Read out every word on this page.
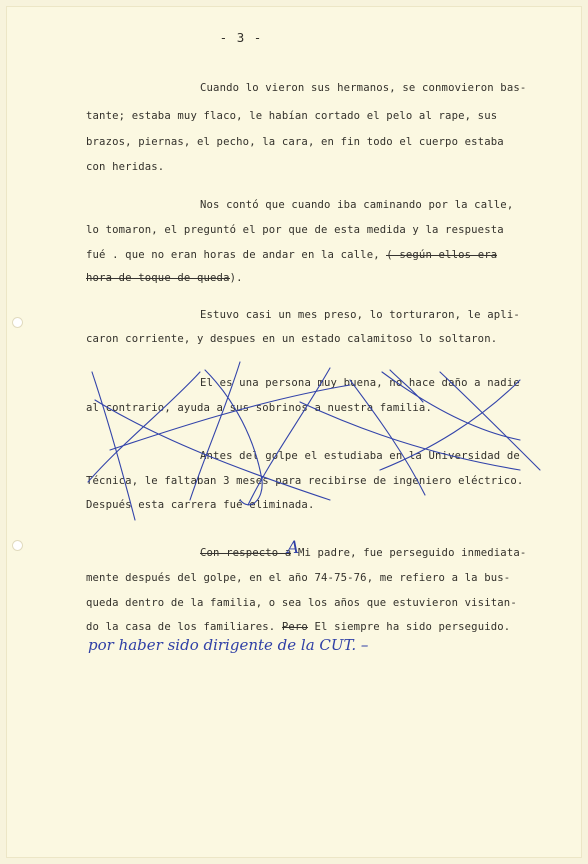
- 3 -
Cuando lo vieron sus hermanos, se conmovieron bas-
tante; estaba muy flaco, le habían cortado el pelo al rape, sus
brazos, piernas, el pecho, la cara, en fin todo el cuerpo estaba
con heridas.
Nos contó que cuando iba caminando por la calle,
lo tomaron, el preguntó el por que de esta medida y la respuesta
fué . que no eran horas de andar en la calle, ( según ellos era
hora de toque de queda).
Estuvo casi un mes preso, lo torturaron, le apli-
caron corriente, y despues en un estado calamitoso lo soltaron.
El es una persona muy buena, no hace daño a nadie
al contrario, ayuda a sus sobrinos a nuestra familia.
Antes del golpe el estudiaba en la Universidad de
Técnica, le faltaban 3 meses para recibirse de ingeniero eléctrico.
Después esta carrera fué eliminada.
Con respecto a Mi padre, fue perseguido inmediata-
mente después del golpe, en el año 74-75-76, me refiero a la bus-
queda dentro de la familia, o sea los años que estuvieron visitan-
do la casa de los familiares. Pero El siempre ha sido perseguido.
A
por haber sido dirigente de la CUT. –
